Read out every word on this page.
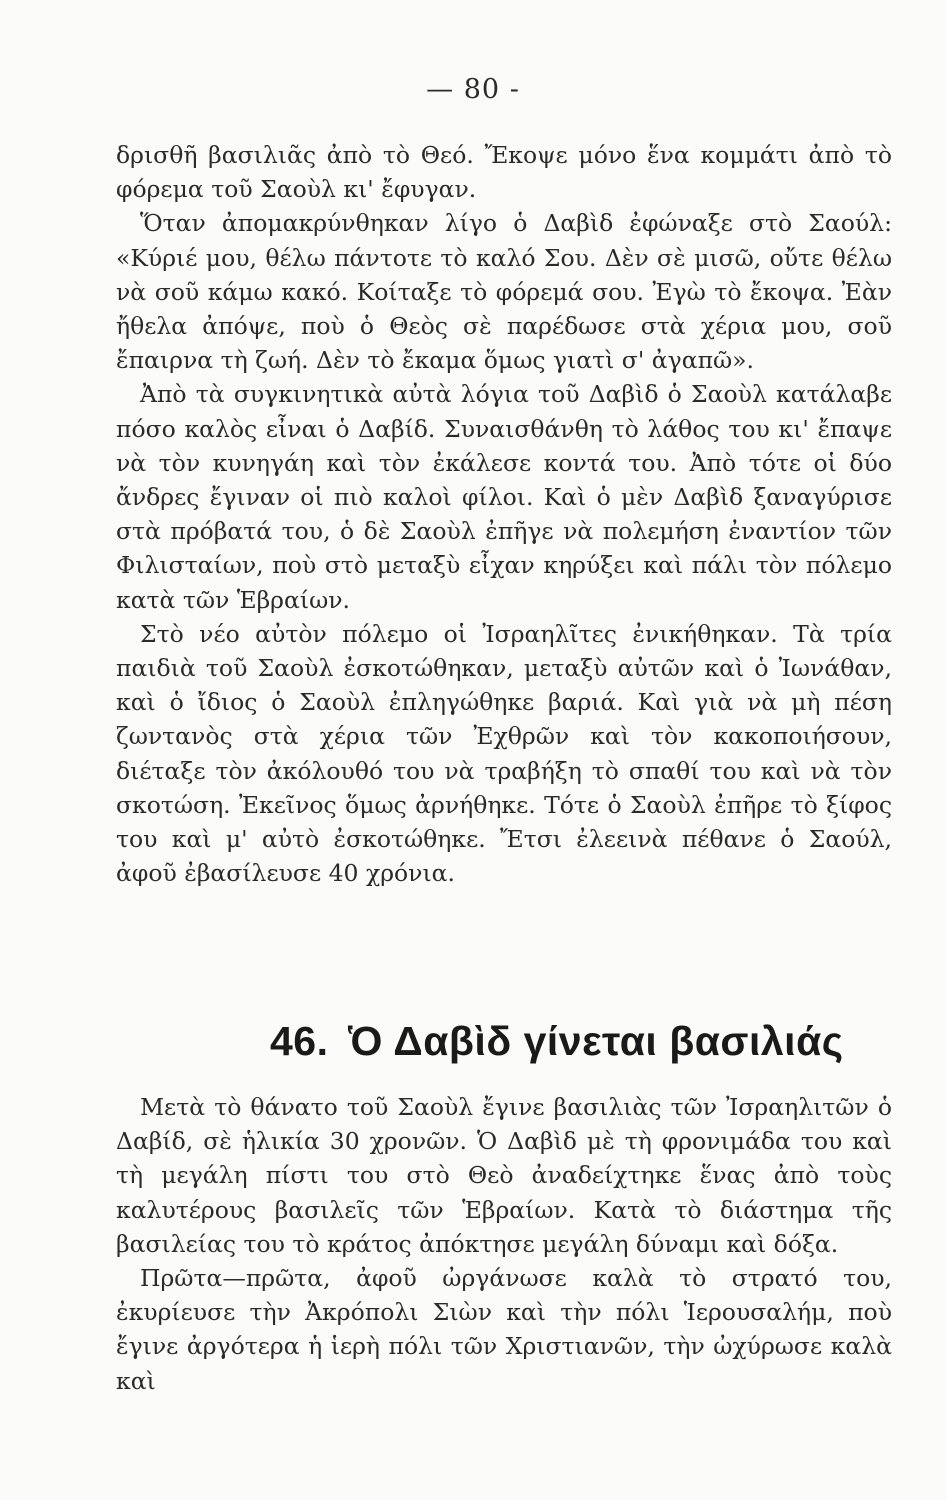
— 80 -

δρισθῆ βασιλιᾶς ἀπὸ τὸ Θεό. Ἔκοψε μόνο ἕνα κομμάτι ἀπὸ τὸ φόρεμα τοῦ Σαοὺλ κι' ἔφυγαν.

Ὅταν ἀπομακρύνθηκαν λίγο ὁ Δαβὶδ ἐφώναξε στὸ Σαούλ: «Κύριέ μου, θέλω πάντοτε τὸ καλό Σου. Δὲν σὲ μισῶ, οὔτε θέλω νὰ σοῦ κάμω κακό. Κοίταξε τὸ φόρεμά σου. Ἐγὼ τὸ ἔκοψα. Ἐὰν ἤθελα ἀπόψε, ποὺ ὁ Θεὸς σὲ παρέδωσε στὰ χέρια μου, σοῦ ἔπαιρνα τὴ ζωή. Δὲν τὸ ἔκαμα ὅμως γιατὶ σ' ἀγαπῶ».

Ἀπὸ τὰ συγκινητικὰ αὐτὰ λόγια τοῦ Δαβὶδ ὁ Σαοὺλ κατάλαβε πόσο καλὸς εἶναι ὁ Δαβίδ. Συναισθάνθη τὸ λάθος του κι' ἔπαψε νὰ τὸν κυνηγάη καὶ τὸν ἐκάλεσε κοντά του. Ἀπὸ τότε οἱ δύο ἄνδρες ἔγιναν οἱ πιὸ καλοὶ φίλοι. Καὶ ὁ μὲν Δαβὶδ ξαναγύρισε στὰ πρόβατά του, ὁ δὲ Σαοὺλ ἐπῆγε νὰ πολεμήση ἐναντίον τῶν Φιλισταίων, ποὺ στὸ μεταξὺ εἶχαν κηρύξει καὶ πάλι τὸν πόλεμο κατὰ τῶν Ἑβραίων.

Στὸ νέο αὐτὸν πόλεμο οἱ Ἰσραηλῖτες ἐνικήθηκαν. Τὰ τρία παιδιὰ τοῦ Σαοὺλ ἐσκοτώθηκαν, μεταξὺ αὐτῶν καὶ ὁ Ἰωνάθαν, καὶ ὁ ἴδιος ὁ Σαοὺλ ἐπληγώθηκε βαριά. Καὶ γιὰ νὰ μὴ πέση ζωντανὸς στὰ χέρια τῶν Ἐχθρῶν καὶ τὸν κακοποιήσουν, διέταξε τὸν ἀκόλουθό του νὰ τραβήξη τὸ σπαθί του καὶ νὰ τὸν σκοτώση. Ἐκεῖνος ὅμως ἀρνήθηκε. Τότε ὁ Σαοὺλ ἐπῆρε τὸ ξίφος του καὶ μ' αὐτὸ ἐσκοτώθηκε. Ἔτσι ἐλεεινὰ πέθανε ὁ Σαούλ, ἀφοῦ ἐβασίλευσε 40 χρόνια.

46. Ὁ Δαβὶδ γίνεται βασιλιάς

Μετὰ τὸ θάνατο τοῦ Σαοὺλ ἔγινε βασιλιὰς τῶν Ἰσραηλιτῶν ὁ Δαβίδ, σὲ ἡλικία 30 χρονῶν. Ὁ Δαβὶδ μὲ τὴ φρονιμάδα του καὶ τὴ μεγάλη πίστι του στὸ Θεὸ ἀναδείχτηκε ἕνας ἀπὸ τοὺς καλυτέρους βασιλεῖς τῶν Ἑβραίων. Κατὰ τὸ διάστημα τῆς βασιλείας του τὸ κράτος ἀπόκτησε μεγάλη δύναμι καὶ δόξα.

Πρῶτα—πρῶτα, ἀφοῦ ὠργάνωσε καλὰ τὸ στρατό του, ἐκυρίευσε τὴν Ἀκρόπολι Σιὼν καὶ τὴν πόλι Ἱερουσαλήμ, ποὺ ἔγινε ἀργότερα ἡ ἱερὴ πόλι τῶν Χριστιανῶν, τὴν ὠχύρωσε καλὰ καὶ
